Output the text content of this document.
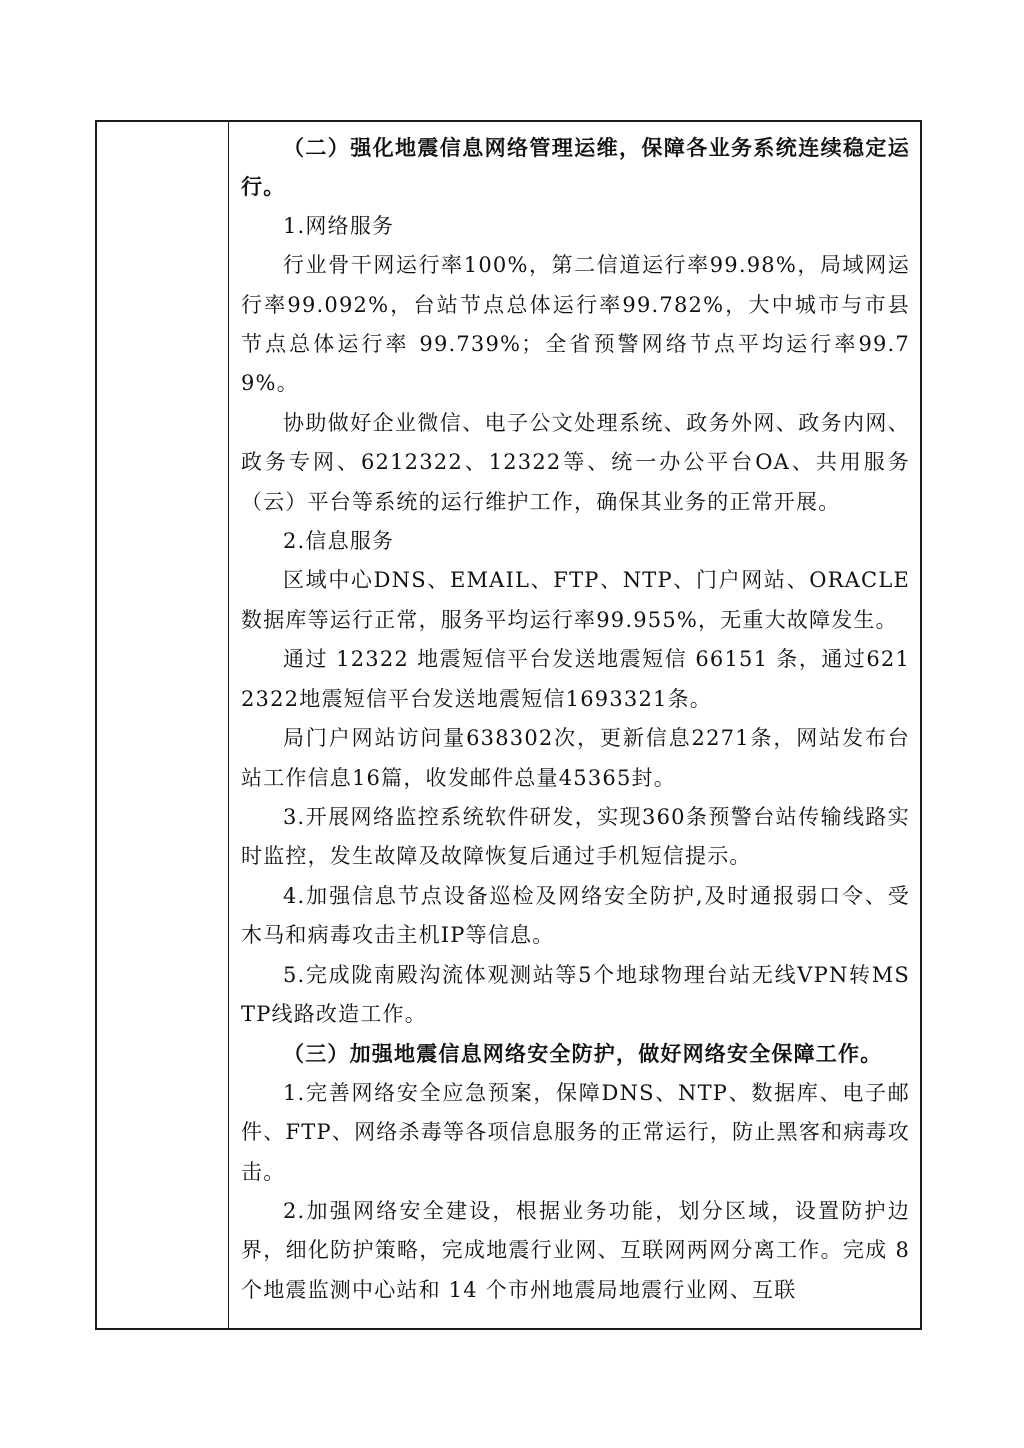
（二）强化地震信息网络管理运维，保障各业务系统连续稳定运行。

1.网络服务

行业骨干网运行率100%，第二信道运行率99.98%，局域网运行率99.092%，台站节点总体运行率99.782%，大中城市与市县节点总体运行率 99.739%；全省预警网络节点平均运行率99.79%。

协助做好企业微信、电子公文处理系统、政务外网、政务内网、政务专网、6212322、12322等、统一办公平台OA、共用服务（云）平台等系统的运行维护工作，确保其业务的正常开展。

2.信息服务

区域中心DNS、EMAIL、FTP、NTP、门户网站、ORACLE数据库等运行正常，服务平均运行率99.955%，无重大故障发生。

通过 12322 地震短信平台发送地震短信 66151 条，通过6212322地震短信平台发送地震短信1693321条。

局门户网站访问量638302次，更新信息2271条，网站发布台站工作信息16篇，收发邮件总量45365封。

3.开展网络监控系统软件研发，实现360条预警台站传输线路实时监控，发生故障及故障恢复后通过手机短信提示。

4.加强信息节点设备巡检及网络安全防护,及时通报弱口令、受木马和病毒攻击主机IP等信息。

5.完成陇南殿沟流体观测站等5个地球物理台站无线VPN转MSTP线路改造工作。

（三）加强地震信息网络安全防护，做好网络安全保障工作。

1.完善网络安全应急预案，保障DNS、NTP、数据库、电子邮件、FTP、网络杀毒等各项信息服务的正常运行，防止黑客和病毒攻击。

2.加强网络安全建设，根据业务功能，划分区域，设置防护边界，细化防护策略，完成地震行业网、互联网两网分离工作。完成 8 个地震监测中心站和 14 个市州地震局地震行业网、互联
